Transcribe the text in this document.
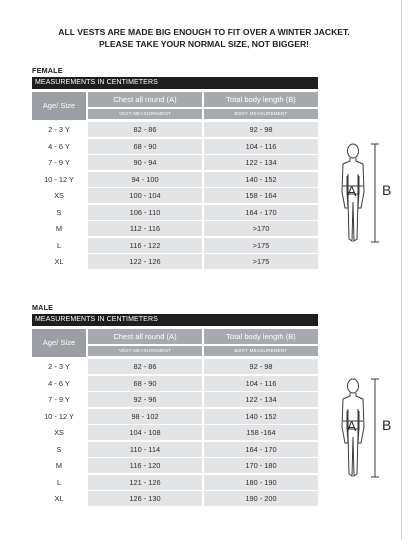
ALL VESTS ARE MADE BIG ENOUGH TO FIT OVER A WINTER JACKET.
PLEASE TAKE YOUR NORMAL SIZE, NOT BIGGER!
FEMALE
MEASUREMENTS IN CENTIMETERS
Age/ Size
Chest all round (A)	Total body length (B)
VEST MEASUREMENT	BODY MEASUREMENT
2 - 3 Y	82 - 86	92 - 98
4 - 6 Y	68 - 90	104 - 116
7 - 9 Y	90 - 94	122 - 134
10 - 12 Y	94 - 100	140 - 152
XS	100 - 104	158 - 164
S	106 - 110	164 - 170
M	112 - 116	>170
L	116 - 122	>175
XL	122 - 126	>175
A B
MALE
MEASUREMENTS IN CENTIMETERS
Age/ Size
Chest all round (A)	Total body length (B)
VEST MEASUREMENT	BODY MEASUREMENT
2 - 3 Y	82 - 86	92 - 98
4 - 6 Y	68 - 90	104 - 116
7 - 9 Y	92 - 96	122 - 134
10 - 12 Y	98 - 102	140 - 152
XS	104 - 108	158 -164
S	110 - 114	164 - 170
M	116 - 120	170 - 180
L	121 - 126	180 - 190
XL	126 - 130	190 - 200
A B
